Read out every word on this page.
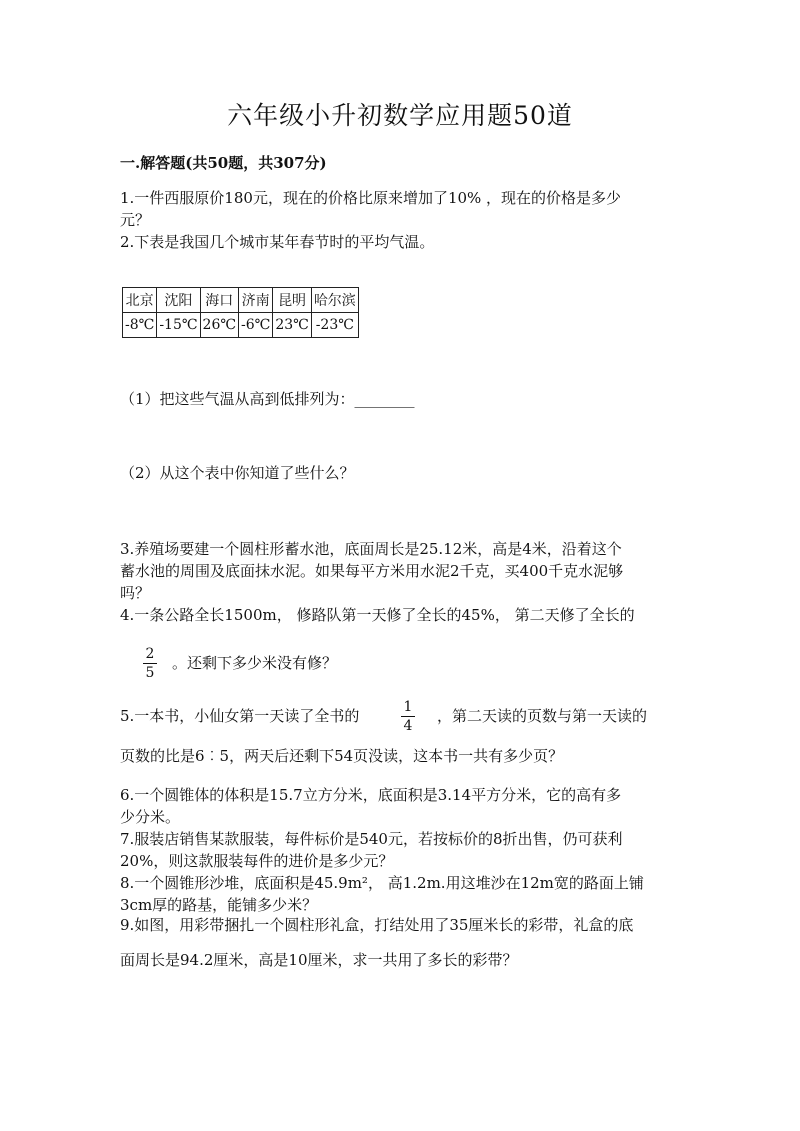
六年级小升初数学应用题50道
一.解答题(共50题，共307分)
1.一件西服原价180元，现在的价格比原来增加了10% ，现在的价格是多少
元？
2.下表是我国几个城市某年春节时的平均气温。
北京	沈阳	海口	济南	昆明	哈尔滨
-8℃	-15℃	26℃	-6℃	23℃	-23℃
（1）把这些气温从高到低排列为：________
（2）从这个表中你知道了些什么？
3.养殖场要建一个圆柱形蓄水池，底面周长是25.12米，高是4米，沿着这个
蓄水池的周围及底面抹水泥。如果每平方米用水泥2千克，买400千克水泥够
吗？
4.一条公路全长1500m， 修路队第一天修了全长的45%， 第二天修了全长的
2
5
。还剩下多少米没有修？
5.一本书，小仙女第一天读了全书的	1
4
，第二天读的页数与第一天读的
页数的比是6︰5，两天后还剩下54页没读，这本书一共有多少页？
6.一个圆锥体的体积是15.7立方分米，底面积是3.14平方分米，它的高有多
少分米。
7.服装店销售某款服装，每件标价是540元，若按标价的8折出售，仍可获利
20%，则这款服装每件的进价是多少元？
8.一个圆锥形沙堆，底面积是45.9m²， 高1.2m.用这堆沙在12m宽的路面上铺
3cm厚的路基，能铺多少米？
9.如图，用彩带捆扎一个圆柱形礼盒，打结处用了35厘米长的彩带，礼盒的底
面周长是94.2厘米，高是10厘米，求一共用了多长的彩带？
